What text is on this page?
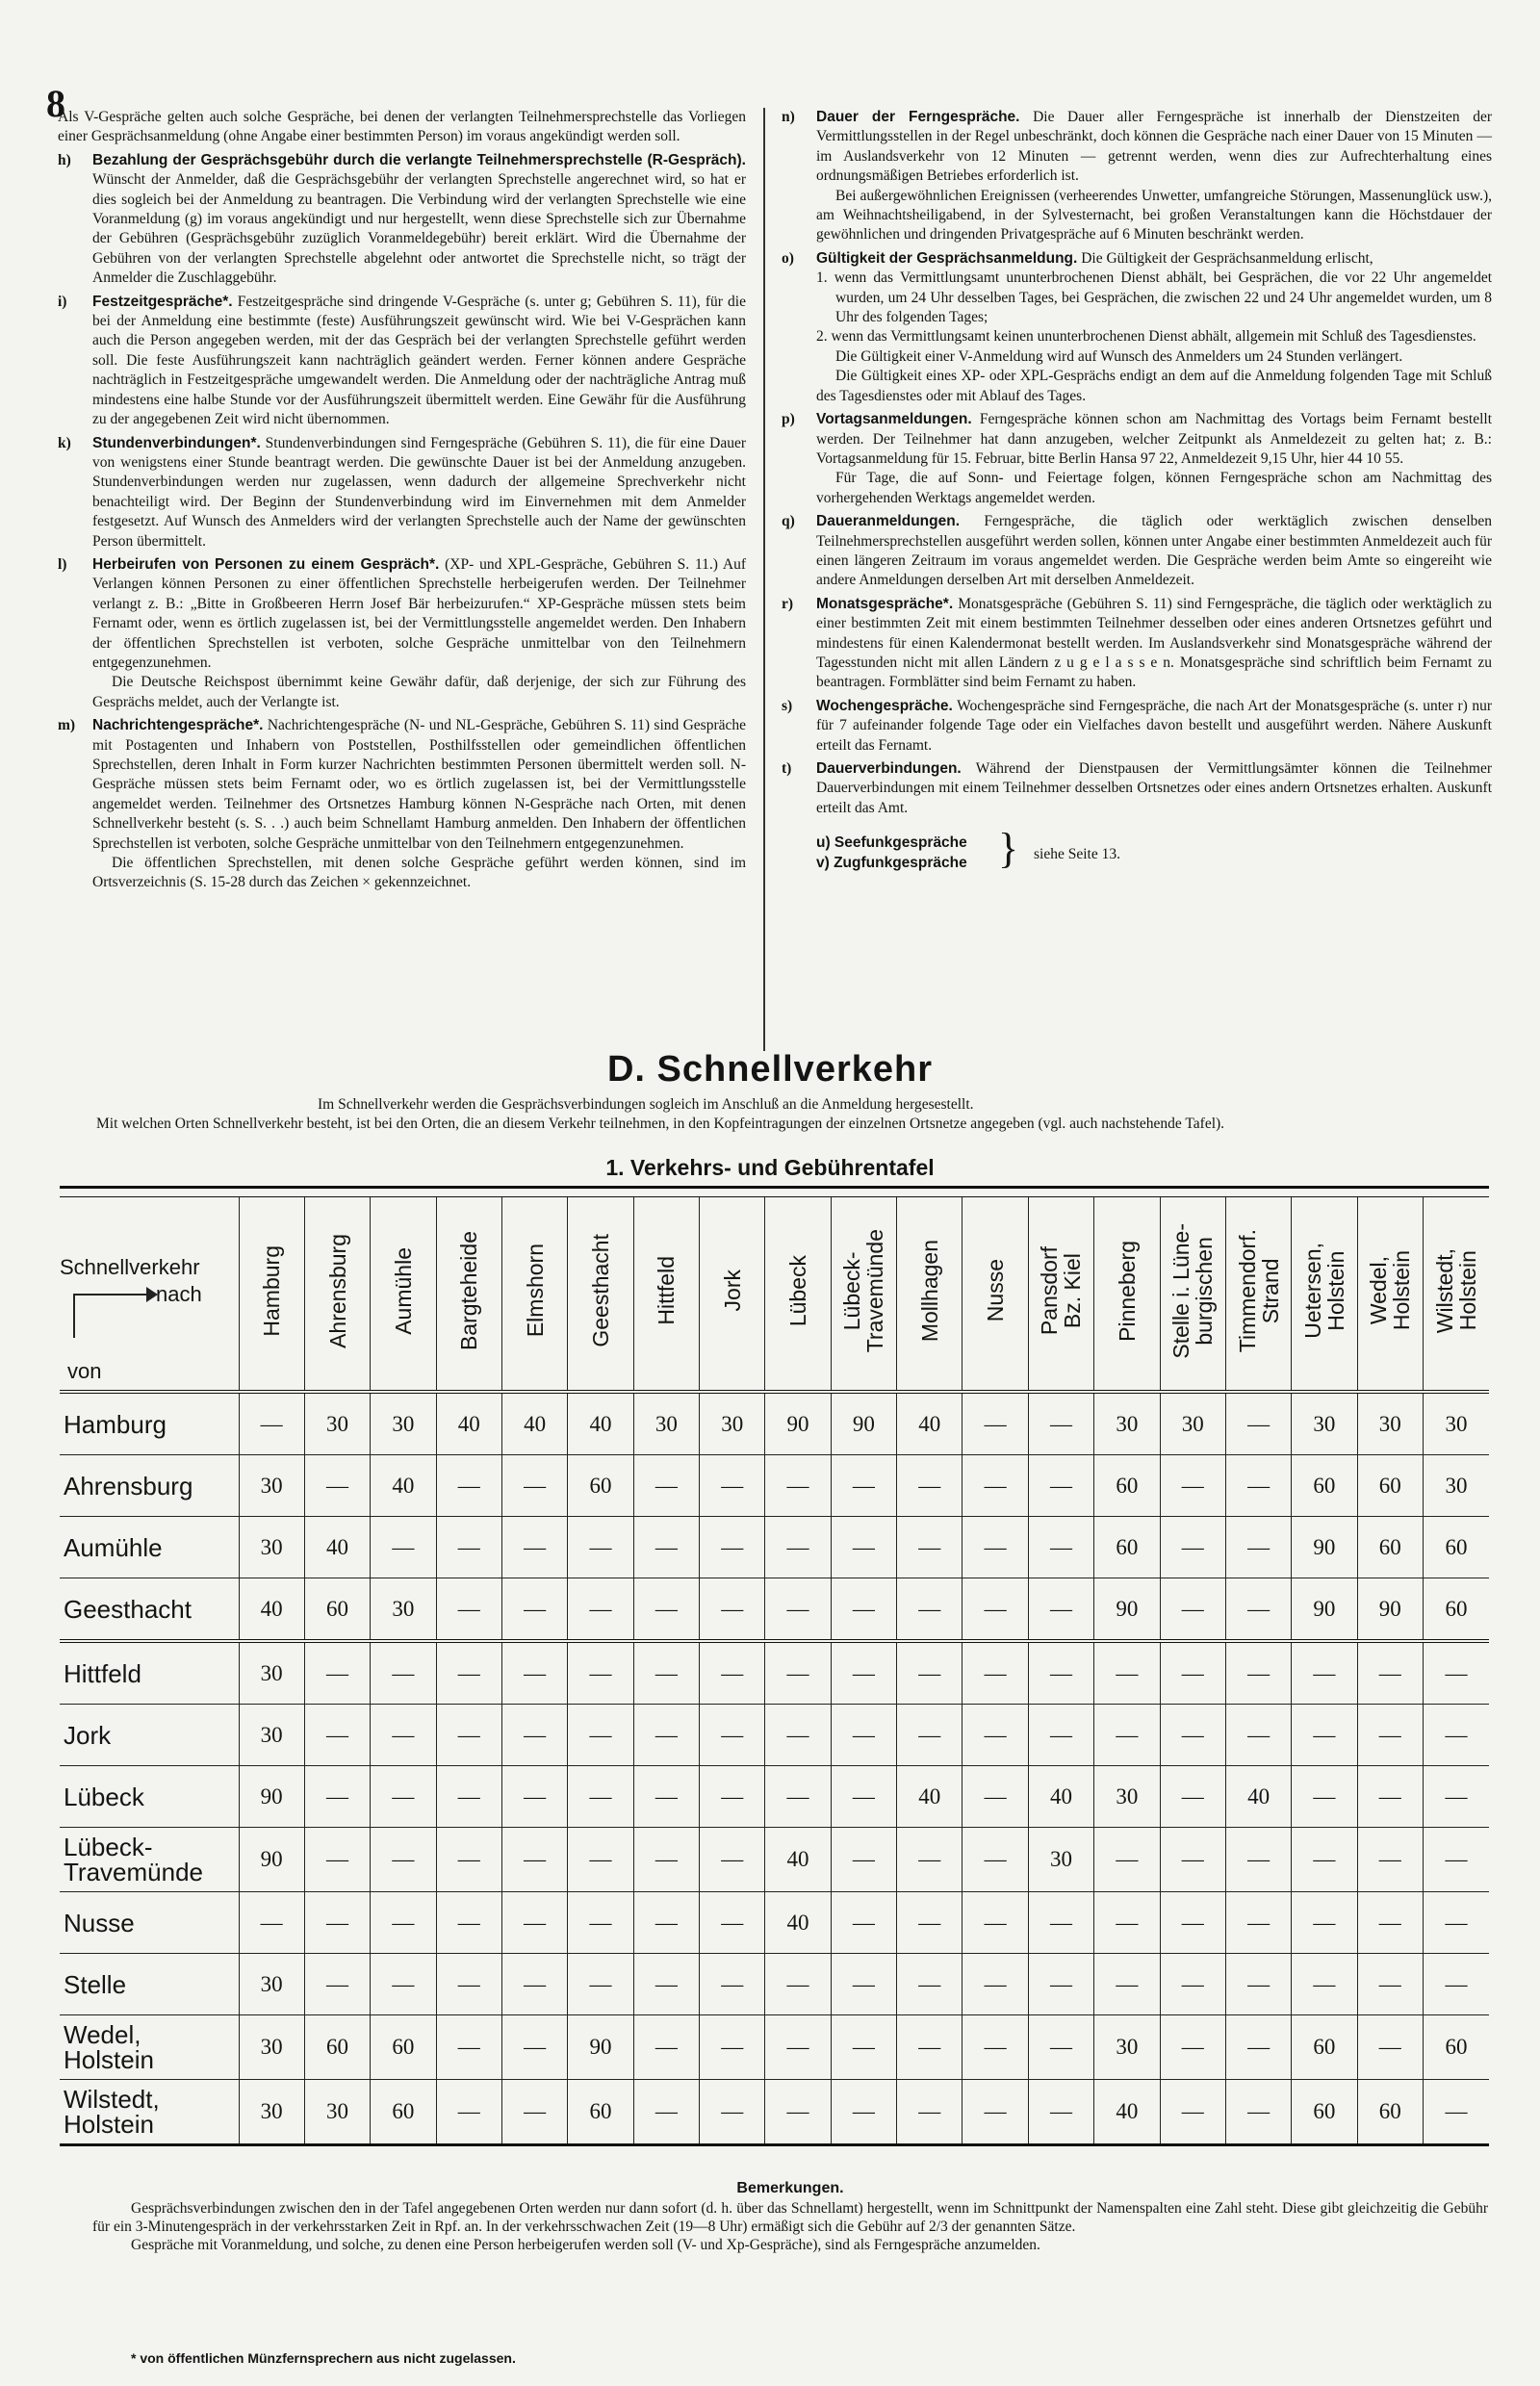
8

Als V-Gespräche gelten auch solche Gespräche, bei denen der verlangten Teilnehmersprechstelle das Vorliegen einer Gesprächsanmeldung (ohne Angabe einer bestimmten Person) im voraus angekündigt werden soll.

h) Bezahlung der Gesprächsgebühr durch die verlangte Teilnehmersprechstelle (R-Gespräch). Wünscht der Anmelder, daß die Gesprächsgebühr der verlangten Sprechstelle angerechnet wird, so hat er dies sogleich bei der Anmeldung zu beantragen. Die Verbindung wird der verlangten Sprechstelle wie eine Voranmeldung (g) im voraus angekündigt und nur hergestellt, wenn diese Sprechstelle sich zur Übernahme der Gebühren (Gesprächsgebühr zuzüglich Voranmeldegebühr) bereit erklärt. Wird die Übernahme der Gebühren von der verlangten Sprechstelle abgelehnt oder antwortet die Sprechstelle nicht, so trägt der Anmelder die Zuschlaggebühr.
i) Festzeitgespräche*. Festzeitgespräche sind dringende V-Gespräche (s. unter g; Gebühren S. 11), für die bei der Anmeldung eine bestimmte (feste) Ausführungszeit gewünscht wird. Wie bei V-Gesprächen kann auch die Person angegeben werden, mit der das Gespräch bei der verlangten Sprechstelle geführt werden soll. Die feste Ausführungszeit kann nachträglich geändert werden. Ferner können andere Gespräche nachträglich in Festzeitgespräche umgewandelt werden. Die Anmeldung oder der nachträgliche Antrag muß mindestens eine halbe Stunde vor der Ausführungszeit übermittelt werden. Eine Gewähr für die Ausführung zu der angegebenen Zeit wird nicht übernommen.
k) Stundenverbindungen*. Stundenverbindungen sind Ferngespräche (Gebühren S. 11), die für eine Dauer von wenigstens einer Stunde beantragt werden. Die gewünschte Dauer ist bei der Anmeldung anzugeben. Stundenverbindungen werden nur zugelassen, wenn dadurch der allgemeine Sprechverkehr nicht benachteiligt wird. Der Beginn der Stundenverbindung wird im Einvernehmen mit dem Anmelder festgesetzt. Auf Wunsch des Anmelders wird der verlangten Sprechstelle auch der Name der gewünschten Person übermittelt.
l) Herbeirufen von Personen zu einem Gespräch*. (XP- und XPL-Gespräche, Gebühren S. 11.) Auf Verlangen können Personen zu einer öffentlichen Sprechstelle herbeigerufen werden. Der Teilnehmer verlangt z. B.: „Bitte in Großbeeren Herrn Josef Bär herbeizurufen.“ XP-Gespräche müssen stets beim Fernamt oder, wenn es örtlich zugelassen ist, bei der Vermittlungsstelle angemeldet werden. Den Inhabern der öffentlichen Sprechstellen ist verboten, solche Gespräche unmittelbar von den Teilnehmern entgegenzunehmen.

Die Deutsche Reichspost übernimmt keine Gewähr dafür, daß derjenige, der sich zur Führung des Gesprächs meldet, auch der Verlangte ist.

m) Nachrichtengespräche*. Nachrichtengespräche (N- und NL-Gespräche, Gebühren S. 11) sind Gespräche mit Postagenten und Inhabern von Poststellen, Posthilfsstellen oder gemeindlichen öffentlichen Sprechstellen, deren Inhalt in Form kurzer Nachrichten bestimmten Personen übermittelt werden soll. N-Gespräche müssen stets beim Fernamt oder, wo es örtlich zugelassen ist, bei der Vermittlungsstelle angemeldet werden. Teilnehmer des Ortsnetzes Hamburg können N-Gespräche nach Orten, mit denen Schnellverkehr besteht (s. S. . .) auch beim Schnellamt Hamburg anmelden. Den Inhabern der öffentlichen Sprechstellen ist verboten, solche Gespräche unmittelbar von den Teilnehmern entgegenzunehmen.

Die öffentlichen Sprechstellen, mit denen solche Gespräche geführt werden können, sind im Ortsverzeichnis (S. 15-28 durch das Zeichen × gekennzeichnet.

n) Dauer der Ferngespräche. Die Dauer aller Ferngespräche ist innerhalb der Dienstzeiten der Vermittlungsstellen in der Regel unbeschränkt, doch können die Gespräche nach einer Dauer von 15 Minuten — im Auslandsverkehr von 12 Minuten — getrennt werden, wenn dies zur Aufrechterhaltung eines ordnungsmäßigen Betriebes erforderlich ist.

Bei außergewöhnlichen Ereignissen (verheerendes Unwetter, umfangreiche Störungen, Massenunglück usw.), am Weihnachtsheiligabend, in der Sylvesternacht, bei großen Veranstaltungen kann die Höchstdauer der gewöhnlichen und dringenden Privatgespräche auf 6 Minuten beschränkt werden.

o) Gültigkeit der Gesprächsanmeldung. Die Gültigkeit der Gesprächsanmeldung erlischt,

1. wenn das Vermittlungsamt ununterbrochenen Dienst abhält, bei Gesprächen, die vor 22 Uhr angemeldet wurden, um 24 Uhr desselben Tages, bei Gesprächen, die zwischen 22 und 24 Uhr angemeldet wurden, um 8 Uhr des folgenden Tages;

2. wenn das Vermittlungsamt keinen ununterbrochenen Dienst abhält, allgemein mit Schluß des Tagesdienstes.

Die Gültigkeit einer V-Anmeldung wird auf Wunsch des Anmelders um 24 Stunden verlängert.

Die Gültigkeit eines XP- oder XPL-Gesprächs endigt an dem auf die Anmeldung folgenden Tage mit Schluß des Tagesdienstes oder mit Ablauf des Tages.

p) Vortagsanmeldungen. Ferngespräche können schon am Nachmittag des Vortags beim Fernamt bestellt werden. Der Teilnehmer hat dann anzugeben, welcher Zeitpunkt als Anmeldezeit zu gelten hat; z. B.: Vortagsanmeldung für 15. Februar, bitte Berlin Hansa 97 22, Anmeldezeit 9,15 Uhr, hier 44 10 55.

Für Tage, die auf Sonn- und Feiertage folgen, können Ferngespräche schon am Nachmittag des vorhergehenden Werktags angemeldet werden.

q) Daueranmeldungen. Ferngespräche, die täglich oder werktäglich zwischen denselben Teilnehmersprechstellen ausgeführt werden sollen, können unter Angabe einer bestimmten Anmeldezeit auch für einen längeren Zeitraum im voraus angemeldet werden. Die Gespräche werden beim Amte so eingereiht wie andere Anmeldungen derselben Art mit derselben Anmeldezeit.
r) Monatsgespräche*. Monatsgespräche (Gebühren S. 11) sind Ferngespräche, die täglich oder werktäglich zu einer bestimmten Zeit mit einem bestimmten Teilnehmer desselben oder eines anderen Ortsnetzes geführt und mindestens für einen Kalendermonat bestellt werden. Im Auslandsverkehr sind Monatsgespräche während der Tagesstunden nicht mit allen Ländern z u g e l a s s e n. Monatsgespräche sind schriftlich beim Fernamt zu beantragen. Formblätter sind beim Fernamt zu haben.
s) Wochengespräche. Wochengespräche sind Ferngespräche, die nach Art der Monatsgespräche (s. unter r) nur für 7 aufeinander folgende Tage oder ein Vielfaches davon bestellt und ausgeführt werden. Nähere Auskunft erteilt das Fernamt.
t) Dauerverbindungen. Während der Dienstpausen der Vermittlungsämter können die Teilnehmer Dauerverbindungen mit einem Teilnehmer desselben Ortsnetzes oder eines andern Ortsnetzes erhalten. Auskunft erteilt das Amt.
u) Seefunkgespräche
v) Zugfunkgespräche } siehe Seite 13.
D. Schnellverkehr

Im Schnellverkehr werden die Gesprächsverbindungen sogleich im Anschluß an die Anmeldung hergesestellt.

Mit welchen Orten Schnellverkehr besteht, ist bei den Orten, die an diesem Verkehr teilnehmen, in den Kopfeintragungen der einzelnen Ortsnetze angegeben (vgl. auch nachstehende Tafel).

1. Verkehrs- und Gebührentafel

Schnellverkehr
nach
von	Hamburg	Ahrensburg	Aumühle	Bargteheide	Elmshorn	Geesthacht	Hittfeld	Jork	Lübeck	Lübeck-
Travemünde	Mollhagen	Nusse	Pansdorf
Bz. Kiel	Pinneberg	Stelle i. Lüne-
burgischen	Timmendorf.
Strand	Uetersen,
Holstein	Wedel,
Holstein	Wilstedt,
Holstein
Hamburg	—	30	30	40	40	40	30	30	90	90	40	—	—	30	30	—	30	30	30
Ahrensburg	30	—	40	—	—	60	—	—	—	—	—	—	—	60	—	—	60	60	30
Aumühle	30	40	—	—	—	—	—	—	—	—	—	—	—	60	—	—	90	60	60
Geesthacht	40	60	30	—	—	—	—	—	—	—	—	—	—	90	—	—	90	90	60
Hittfeld	30	—	—	—	—	—	—	—	—	—	—	—	—	—	—	—	—	—	—
Jork	30	—	—	—	—	—	—	—	—	—	—	—	—	—	—	—	—	—	—
Lübeck	90	—	—	—	—	—	—	—	—	—	40	—	40	30	—	40	—	—	—
Lübeck-
Travemünde	90	—	—	—	—	—	—	—	40	—	—	—	30	—	—	—	—	—	—
Nusse	—	—	—	—	—	—	—	—	40	—	—	—	—	—	—	—	—	—	—
Stelle	30	—	—	—	—	—	—	—	—	—	—	—	—	—	—	—	—	—	—
Wedel,
Holstein	30	60	60	—	—	90	—	—	—	—	—	—	—	30	—	—	60	—	60
Wilstedt,
Holstein	30	30	60	—	—	60	—	—	—	—	—	—	—	40	—	—	60	60	—
Bemerkungen.

Gesprächsverbindungen zwischen den in der Tafel angegebenen Orten werden nur dann sofort (d. h. über das Schnellamt) hergestellt, wenn im Schnittpunkt der Namenspalten eine Zahl steht. Diese gibt gleichzeitig die Gebühr für ein 3-Minutengespräch in der verkehrsstarken Zeit in Rpf. an. In der verkehrsschwachen Zeit (19—8 Uhr) ermäßigt sich die Gebühr auf 2/3 der genannten Sätze.

Gespräche mit Voranmeldung, und solche, zu denen eine Person herbeigerufen werden soll (V- und Xp-Gespräche), sind als Ferngespräche anzumelden.

* von öffentlichen Münzfernsprechern aus nicht zugelassen.
